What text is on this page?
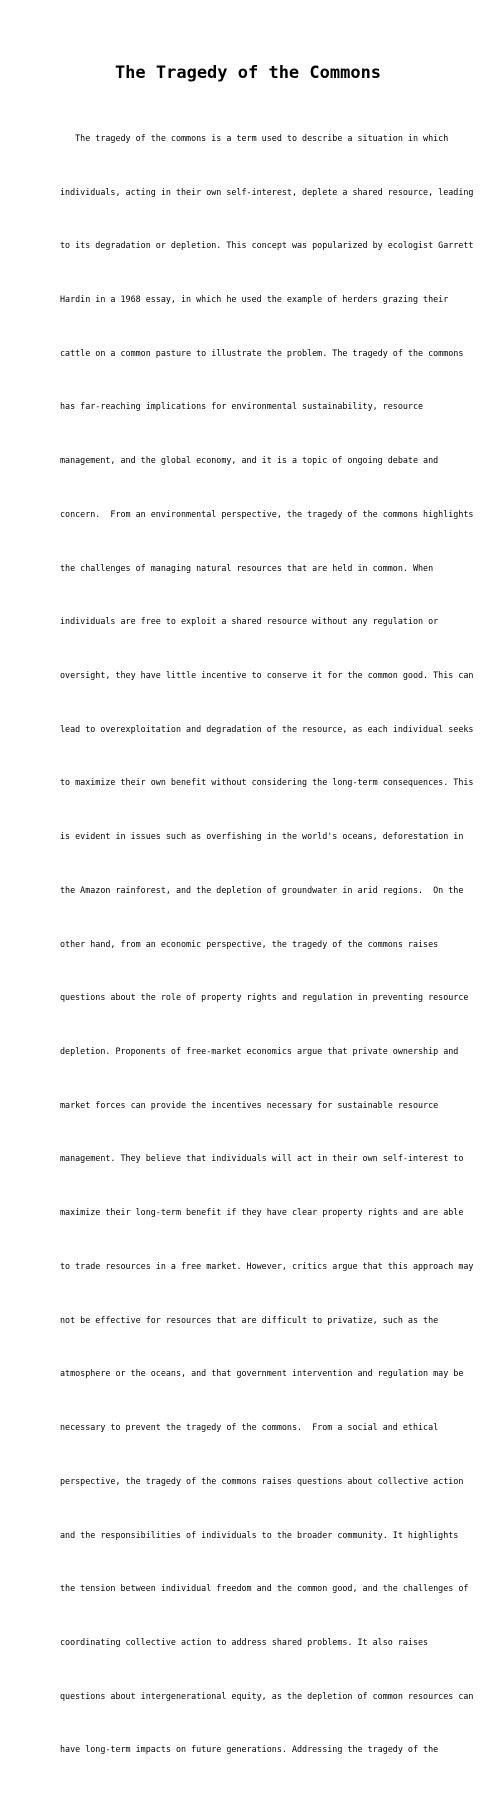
The Tragedy of the Commons

The tragedy of the commons is a term used to describe a situation in which

individuals, acting in their own self-interest, deplete a shared resource, leading

to its degradation or depletion. This concept was popularized by ecologist Garrett

Hardin in a 1968 essay, in which he used the example of herders grazing their

cattle on a common pasture to illustrate the problem. The tragedy of the commons

has far-reaching implications for environmental sustainability, resource

management, and the global economy, and it is a topic of ongoing debate and

concern.  From an environmental perspective, the tragedy of the commons highlights

the challenges of managing natural resources that are held in common. When

individuals are free to exploit a shared resource without any regulation or

oversight, they have little incentive to conserve it for the common good. This can

lead to overexploitation and degradation of the resource, as each individual seeks

to maximize their own benefit without considering the long-term consequences. This

is evident in issues such as overfishing in the world's oceans, deforestation in

the Amazon rainforest, and the depletion of groundwater in arid regions.  On the

other hand, from an economic perspective, the tragedy of the commons raises

questions about the role of property rights and regulation in preventing resource

depletion. Proponents of free-market economics argue that private ownership and

market forces can provide the incentives necessary for sustainable resource

management. They believe that individuals will act in their own self-interest to

maximize their long-term benefit if they have clear property rights and are able

to trade resources in a free market. However, critics argue that this approach may

not be effective for resources that are difficult to privatize, such as the

atmosphere or the oceans, and that government intervention and regulation may be

necessary to prevent the tragedy of the commons.  From a social and ethical

perspective, the tragedy of the commons raises questions about collective action

and the responsibilities of individuals to the broader community. It highlights

the tension between individual freedom and the common good, and the challenges of

coordinating collective action to address shared problems. It also raises

questions about intergenerational equity, as the depletion of common resources can

have long-term impacts on future generations. Addressing the tragedy of the
